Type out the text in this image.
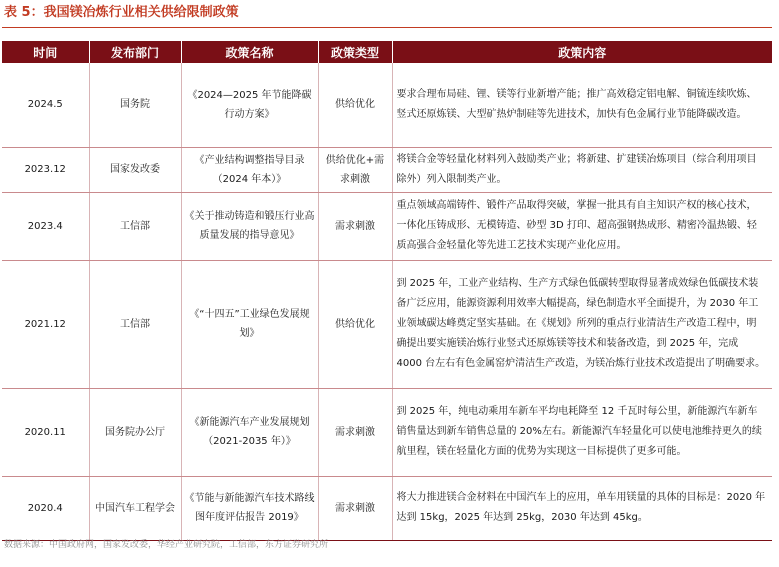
表 5：我国镁冶炼行业相关供给限制政策
时间	发布部门	政策名称	政策类型	政策内容
2024.5	国务院	《2024—2025 年节能降碳行动方案》	供给优化	要求合理布局硅、锂、镁等行业新增产能；推广高效稳定铝电解、铜锍连续吹炼、竖式还原炼镁、大型矿热炉制硅等先进技术，加快有色金属行业节能降碳改造。
2023.12	国家发改委	《产业结构调整指导目录（2024 年本）》	供给优化+需求刺激	将镁合金等轻量化材料列入鼓励类产业；将新建、扩建镁冶炼项目（综合利用项目除外）列入限制类产业。
2023.4	工信部	《关于推动铸造和锻压行业高质量发展的指导意见》	需求刺激	重点领域高端铸件、锻件产品取得突破，掌握一批具有自主知识产权的核心技术，一体化压铸成形、无模铸造、砂型 3D 打印、超高强钢热成形、精密冷温热锻、轻质高强合金轻量化等先进工艺技术实现产业化应用。
2021.12	工信部	《“十四五”工业绿色发展规划》	供给优化	到 2025 年，工业产业结构、生产方式绿色低碳转型取得显著成效绿色低碳技术装备广泛应用，能源资源利用效率大幅提高，绿色制造水平全面提升，为 2030 年工业领域碳达峰奠定坚实基础。在《规划》所列的重点行业清洁生产改造工程中，明确提出要实施镁冶炼行业竖式还原炼镁等技术和装备改造，到 2025 年，完成 4000 台左右有色金属窑炉清洁生产改造，为镁冶炼行业技术改造提出了明确要求。
2020.11	国务院办公厅	《新能源汽车产业发展规划（2021-2035 年）》	需求刺激	到 2025 年，纯电动乘用车新车平均电耗降至 12 千瓦时每公里，新能源汽车新车销售量达到新车销售总量的 20%左右。新能源汽车轻量化可以使电池维持更久的续航里程，镁在轻量化方面的优势为实现这一目标提供了更多可能。
2020.4	中国汽车工程学会	《节能与新能源汽车技术路线图年度评估报告 2019》	需求刺激	将大力推进镁合金材料在中国汽车上的应用，单车用镁量的具体的目标是：2020 年达到 15kg，2025 年达到 25kg，2030 年达到 45kg。
数据来源：中国政府网，国家发改委，华经产业研究院，工信部，东方证券研究所
